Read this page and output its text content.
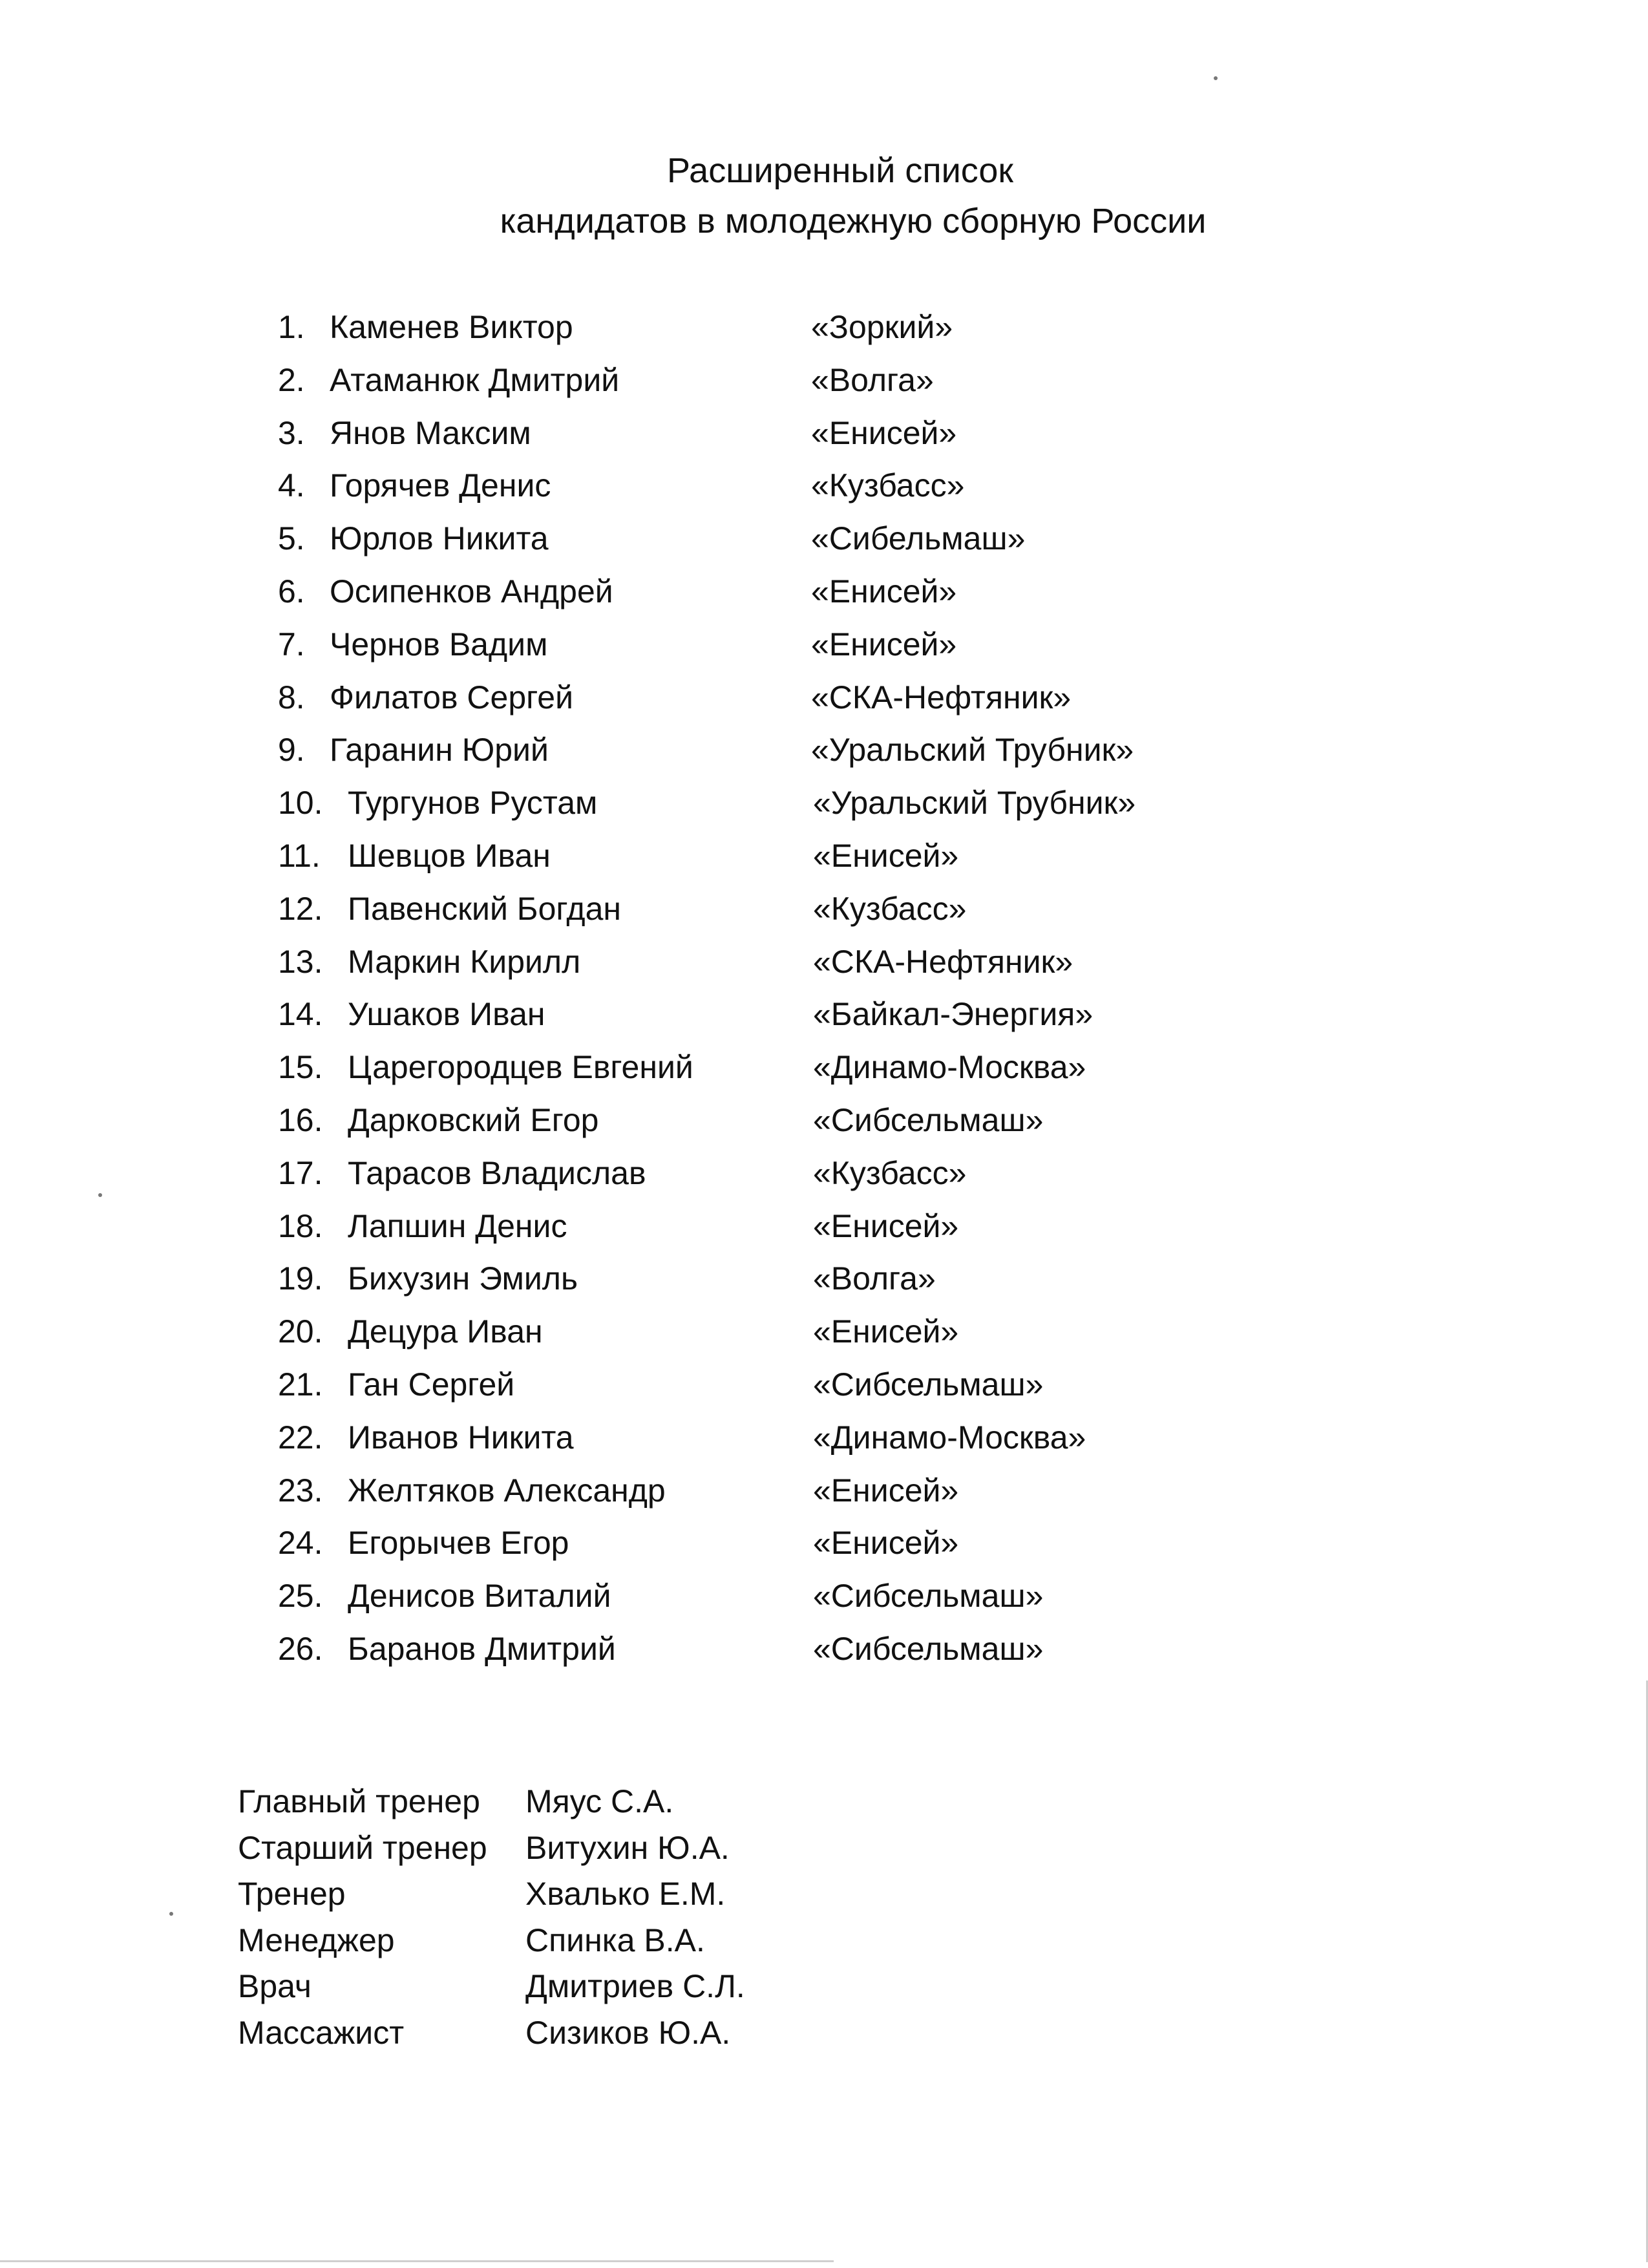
Расширенный список
кандидатов в молодежную сборную России
1. Каменев Виктор	«Зоркий»
2. Атаманюк Дмитрий	«Волга»
3. Янов Максим	«Енисей»
4. Горячев Денис	«Кузбасс»
5. Юрлов Никита	«Сибельмаш»
6. Осипенков Андрей	«Енисей»
7. Чернов Вадим	«Енисей»
8. Филатов Сергей	«СКА-Нефтяник»
9. Гаранин Юрий	«Уральский Трубник»
10. Тургунов Рустам	«Уральский Трубник»
11. Шевцов Иван	«Енисей»
12. Павенский Богдан	«Кузбасс»
13. Маркин Кирилл	«СКА-Нефтяник»
14. Ушаков Иван	«Байкал-Энергия»
15. Царегородцев Евгений	«Динамо-Москва»
16. Дарковский Егор	«Сибсельмаш»
17. Тарасов Владислав	«Кузбасс»
18. Лапшин Денис	«Енисей»
19. Бихузин Эмиль	«Волга»
20. Децура Иван	«Енисей»
21. Ган Сергей	«Сибсельмаш»
22. Иванов Никита	«Динамо-Москва»
23. Желтяков Александр	«Енисей»
24. Егорычев Егор	«Енисей»
25. Денисов Виталий	«Сибсельмаш»
26. Баранов Дмитрий	«Сибсельмаш»
Главный тренер Мяус С.А.
Старший тренер Витухин Ю.А.
Тренер	Хвалько Е.М.
Менеджер	Спинка В.А.
Врач	Дмитриев С.Л.
Массажист	Сизиков Ю.А.
